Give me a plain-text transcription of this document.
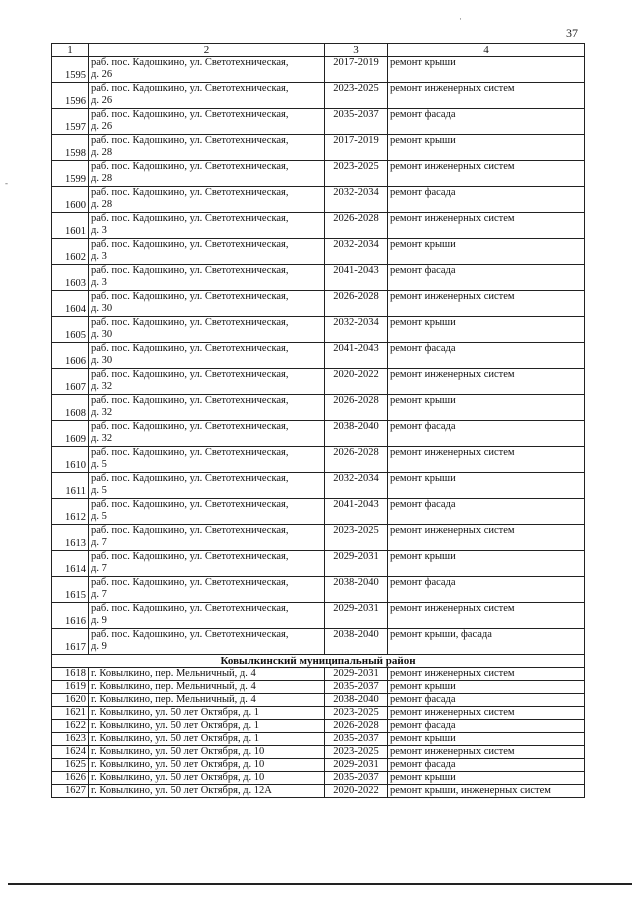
37
-
·
1	2	3	4
1595	раб. пос. Кадошкино, ул. Светотехническая,
д. 26	2017-2019	ремонт крыши
1596	раб. пос. Кадошкино, ул. Светотехническая,
д. 26	2023-2025	ремонт инженерных систем
1597	раб. пос. Кадошкино, ул. Светотехническая,
д. 26	2035-2037	ремонт фасада
1598	раб. пос. Кадошкино, ул. Светотехническая,
д. 28	2017-2019	ремонт крыши
1599	раб. пос. Кадошкино, ул. Светотехническая,
д. 28	2023-2025	ремонт инженерных систем
1600	раб. пос. Кадошкино, ул. Светотехническая,
д. 28	2032-2034	ремонт фасада
1601	раб. пос. Кадошкино, ул. Светотехническая,
д. 3	2026-2028	ремонт инженерных систем
1602	раб. пос. Кадошкино, ул. Светотехническая,
д. 3	2032-2034	ремонт крыши
1603	раб. пос. Кадошкино, ул. Светотехническая,
д. 3	2041-2043	ремонт фасада
1604	раб. пос. Кадошкино, ул. Светотехническая,
д. 30	2026-2028	ремонт инженерных систем
1605	раб. пос. Кадошкино, ул. Светотехническая,
д. 30	2032-2034	ремонт крыши
1606	раб. пос. Кадошкино, ул. Светотехническая,
д. 30	2041-2043	ремонт фасада
1607	раб. пос. Кадошкино, ул. Светотехническая,
д. 32	2020-2022	ремонт инженерных систем
1608	раб. пос. Кадошкино, ул. Светотехническая,
д. 32	2026-2028	ремонт крыши
1609	раб. пос. Кадошкино, ул. Светотехническая,
д. 32	2038-2040	ремонт фасада
1610	раб. пос. Кадошкино, ул. Светотехническая,
д. 5	2026-2028	ремонт инженерных систем
1611	раб. пос. Кадошкино, ул. Светотехническая,
д. 5	2032-2034	ремонт крыши
1612	раб. пос. Кадошкино, ул. Светотехническая,
д. 5	2041-2043	ремонт фасада
1613	раб. пос. Кадошкино, ул. Светотехническая,
д. 7	2023-2025	ремонт инженерных систем
1614	раб. пос. Кадошкино, ул. Светотехническая,
д. 7	2029-2031	ремонт крыши
1615	раб. пос. Кадошкино, ул. Светотехническая,
д. 7	2038-2040	ремонт фасада
1616	раб. пос. Кадошкино, ул. Светотехническая,
д. 9	2029-2031	ремонт инженерных систем
1617	раб. пос. Кадошкино, ул. Светотехническая,
д. 9	2038-2040	ремонт крыши, фасада
Ковылкинский муниципальный район			
1618	г. Ковылкино, пер. Мельничный, д. 4	2029-2031	ремонт инженерных систем
1619	г. Ковылкино, пер. Мельничный, д. 4	2035-2037	ремонт крыши
1620	г. Ковылкино, пер. Мельничный, д. 4	2038-2040	ремонт фасада
1621	г. Ковылкино, ул. 50 лет Октября, д. 1	2023-2025	ремонт инженерных систем
1622	г. Ковылкино, ул. 50 лет Октября, д. 1	2026-2028	ремонт фасада
1623	г. Ковылкино, ул. 50 лет Октября, д. 1	2035-2037	ремонт крыши
1624	г. Ковылкино, ул. 50 лет Октября, д. 10	2023-2025	ремонт инженерных систем
1625	г. Ковылкино, ул. 50 лет Октября, д. 10	2029-2031	ремонт фасада
1626	г. Ковылкино, ул. 50 лет Октября, д. 10	2035-2037	ремонт крыши
1627	г. Ковылкино, ул. 50 лет Октября, д. 12А	2020-2022	ремонт крыши, инженерных систем
